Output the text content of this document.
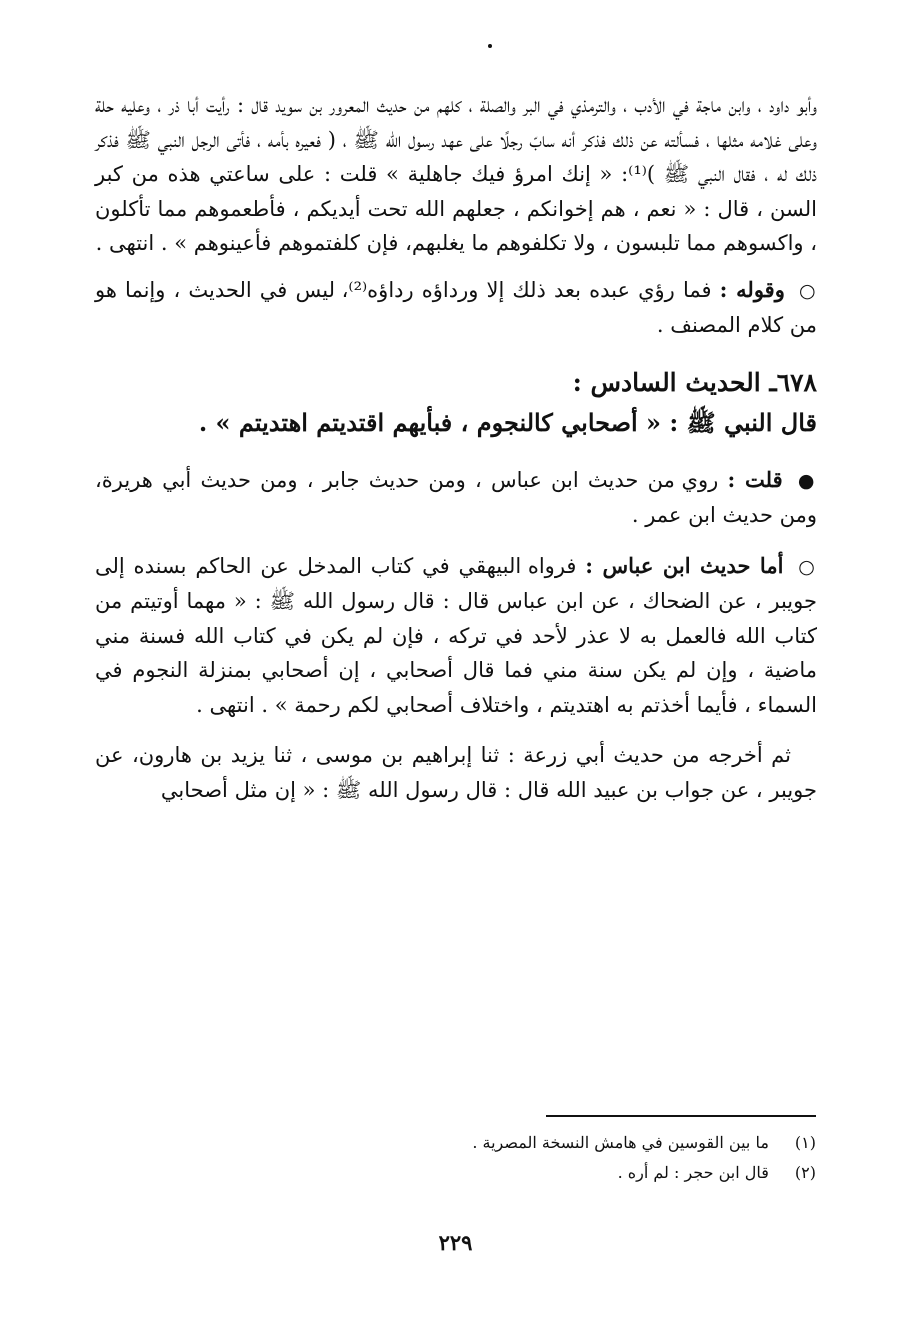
وأبو داود ، وابن ماجة في الأدب ، والترمذي في البر والصلة ، كلهم من حديث المعرور بن سويد قال : رأيت أبا ذر ، وعليه حلة وعلى غلامه مثلها ، فسألته عن ذلك فذكر أنه سابّ رجلًا على عهد رسول الله ﷺ ، ( فعيره بأمه ، فأتى الرجل النبي ﷺ فذكر ذلك له ، فقال النبي ﷺ )⁽¹⁾: « إنك امرؤ فيك جاهلية » قلت : على ساعتي هذه من كبر السن ، قال : « نعم ، هم إخوانكم ، جعلهم الله تحت أيديكم ، فأطعموهم مما تأكلون ، واكسوهم مما تلبسون ، ولا تكلفوهم ما يغلبهم، فإن كلفتموهم فأعينوهم » . انتهى .

○ وقوله : فما رؤي عبده بعد ذلك إلا ورداؤه رداؤه⁽²⁾، ليس في الحديث ، وإنما هو من كلام المصنف .

٦٧٨ـ الحديث السادس :

قال النبي ﷺ : « أصحابي كالنجوم ، فبأيهم اقتديتم اهتديتم » .

● قلت : روي من حديث ابن عباس ، ومن حديث جابر ، ومن حديث أبي هريرة، ومن حديث ابن عمر .

○ أما حديث ابن عباس : فرواه البيهقي في كتاب المدخل عن الحاكم بسنده إلى جويبر ، عن الضحاك ، عن ابن عباس قال : قال رسول الله ﷺ : « مهما أوتيتم من كتاب الله فالعمل به لا عذر لأحد في تركه ، فإن لم يكن في كتاب الله فسنة مني ماضية ، وإن لم يكن سنة مني فما قال أصحابي ، إن أصحابي بمنزلة النجوم في السماء ، فأيما أخذتم به اهتديتم ، واختلاف أصحابي لكم رحمة » . انتهى .

ثم أخرجه من حديث أبي زرعة : ثنا إبراهيم بن موسى ، ثنا يزيد بن هارون، عن جويبر ، عن جواب بن عبيد الله قال : قال رسول الله ﷺ : « إن مثل أصحابي

(١) ما بين القوسين في هامش النسخة المصرية .

(٢) قال ابن حجر : لم أره .

٢٢٩
